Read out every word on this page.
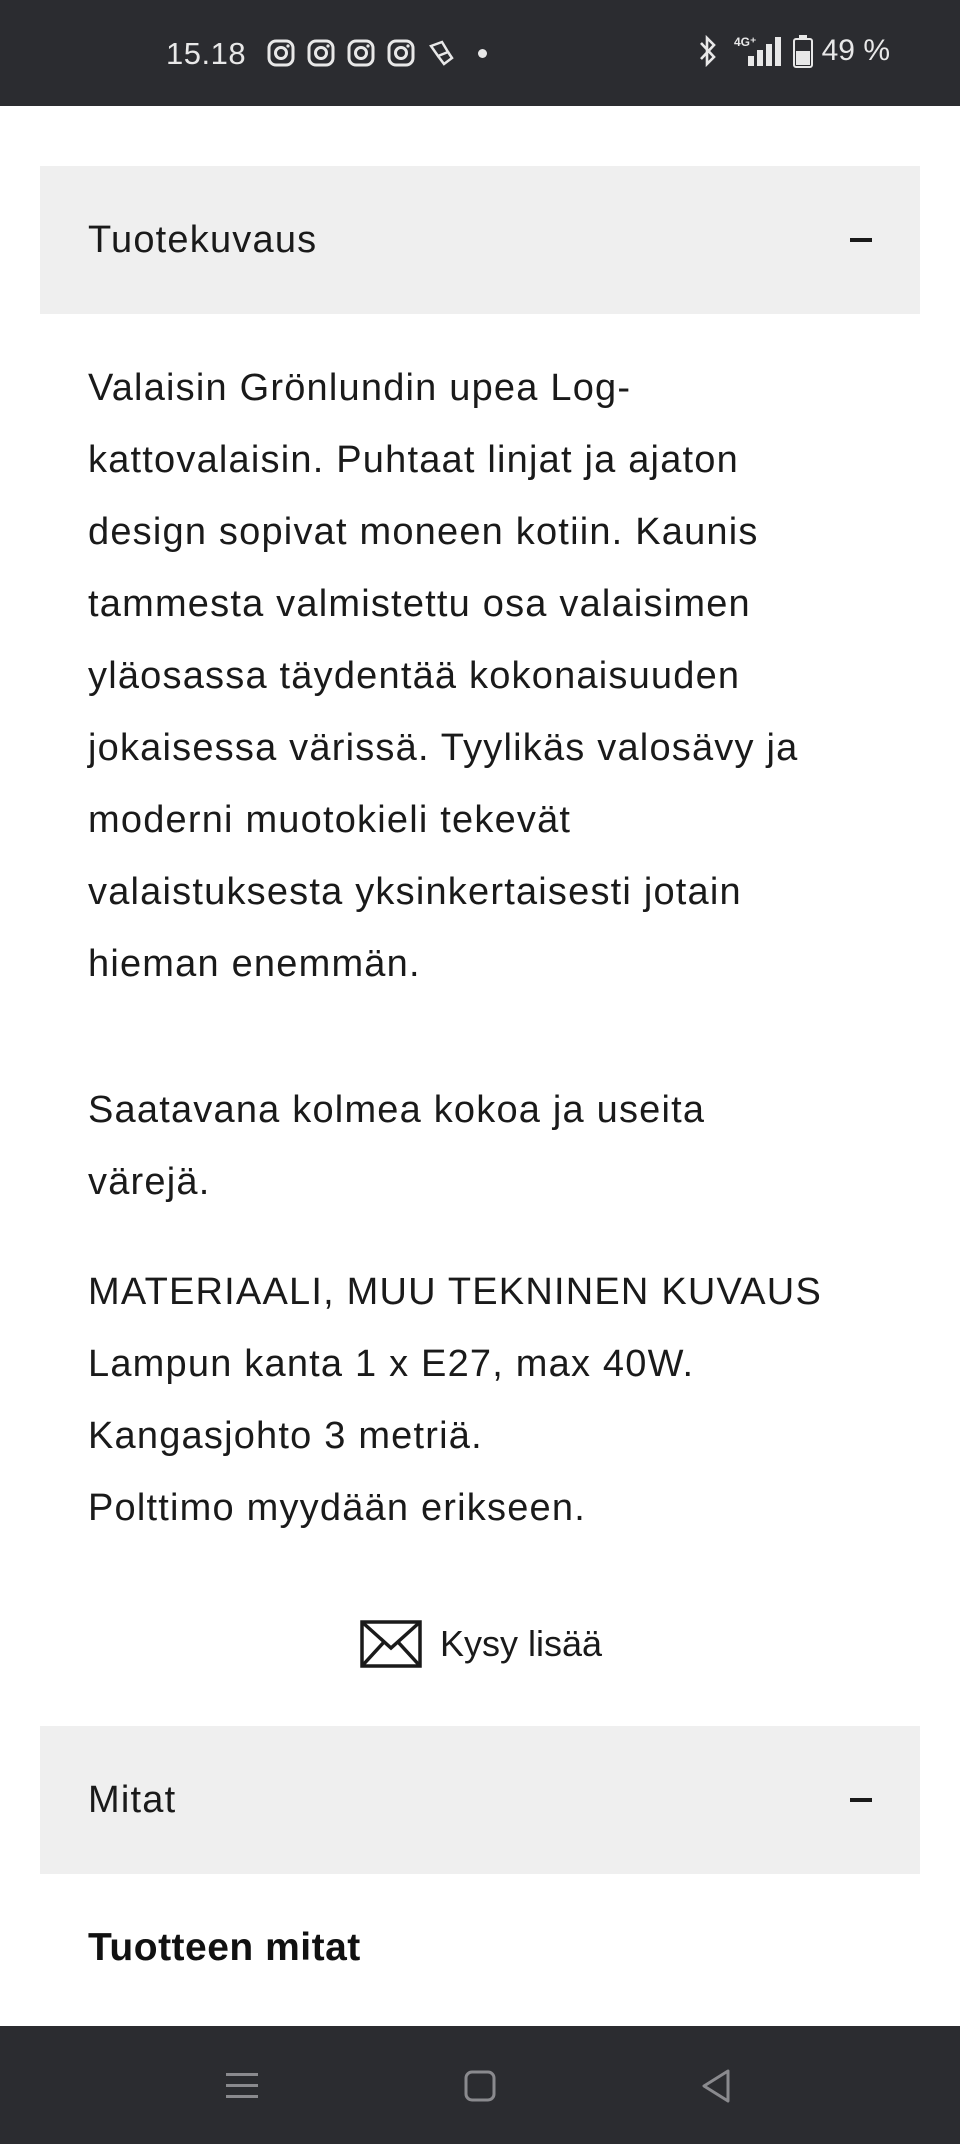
15.18	4G⁺ 49 %
Tuotekuvaus

Valaisin Grönlundin upea Log-
kattovalaisin. Puhtaat linjat ja ajaton
design sopivat moneen kotiin. Kaunis
tammesta valmistettu osa valaisimen
yläosassa täydentää kokonaisuuden
jokaisessa värissä. Tyylikäs valosävy ja
moderni muotokieli tekevät
valaistuksesta yksinkertaisesti jotain
hieman enemmän.

Saatavana kolmea kokoa ja useita
värejä.

MATERIAALI, MUU TEKNINEN KUVAUS
Lampun kanta 1 x E27, max 40W.
Kangasjohto 3 metriä.
Polttimo myydään erikseen.

Kysy lisää
Mitat
Tuotteen mitat
